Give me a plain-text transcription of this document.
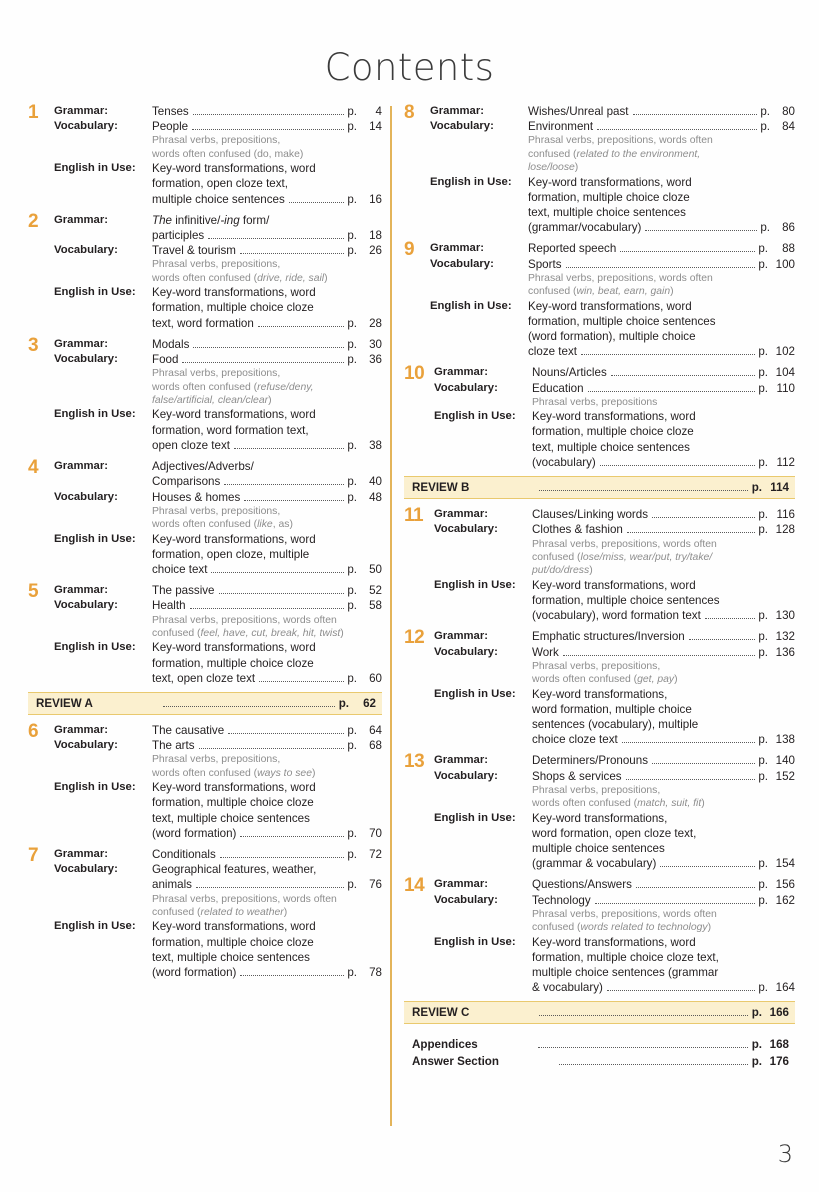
Contents
1	Grammar:	Tenses	p.	4
Vocabulary:	People	p.	14
Phrasal verbs, prepositions,
words often confused (do, make)
English in Use:	Key-word transformations, word
formation, open cloze text,
multiple choice sentences	p.	16
2	Grammar:	The infinitive/-ing form/
participles	p.	18
Vocabulary:	Travel & tourism	p.	26
Phrasal verbs, prepositions,
words often confused (drive, ride, sail)
English in Use:	Key-word transformations, word
formation, multiple choice cloze
text, word formation	p.	28
3	Grammar:	Modals	p.	30
Vocabulary:	Food	p.	36
Phrasal verbs, prepositions,
words often confused (refuse/deny,
false/artificial, clean/clear)
English in Use:	Key-word transformations, word
formation, word formation text,
open cloze text	p.	38
4	Grammar:	Adjectives/Adverbs/
Comparisons	p.	40
Vocabulary:	Houses & homes	p.	48
Phrasal verbs, prepositions,
words often confused (like, as)
English in Use:	Key-word transformations, word
formation, open cloze, multiple
choice text	p.	50
5	Grammar:	The passive	p.	52
Vocabulary:	Health	p.	58
Phrasal verbs, prepositions, words often
confused (feel, have, cut, break, hit, twist)
English in Use:	Key-word transformations, word
formation, multiple choice cloze
text, open cloze text	p.	60
REVIEW A	p.	62
6	Grammar:	The causative	p.	64
Vocabulary:	The arts	p.	68
Phrasal verbs, prepositions,
words often confused (ways to see)
English in Use:	Key-word transformations, word
formation, multiple choice cloze
text, multiple choice sentences
(word formation)	p.	70
7	Grammar:	Conditionals	p.	72
Vocabulary:	Geographical features, weather,
animals	p.	76
Phrasal verbs, prepositions, words often
confused (related to weather)
English in Use:	Key-word transformations, word
formation, multiple choice cloze
text, multiple choice sentences
(word formation)	p.	78
8	Grammar:	Wishes/Unreal past	p.	80
Vocabulary:	Environment	p.	84
Phrasal verbs, prepositions, words often
confused (related to the environment,
lose/loose)
English in Use:	Key-word transformations, word
formation, multiple choice cloze
text, multiple choice sentences
(grammar/vocabulary)	p.	86
9	Grammar:	Reported speech	p.	88
Vocabulary:	Sports	p. 100
Phrasal verbs, prepositions, words often
confused (win, beat, earn, gain)
English in Use:	Key-word transformations, word
formation, multiple choice sentences
(word formation), multiple choice
cloze text	p. 102
10 Grammar:	Nouns/Articles	p. 104
Vocabulary:	Education	p. 110
Phrasal verbs, prepositions
English in Use:	Key-word transformations, word
formation, multiple choice cloze
text, multiple choice sentences
(vocabulary)	p. 112
REVIEW B	p. 114
11 Grammar:	Clauses/Linking words	p. 116
Vocabulary:	Clothes & fashion	p. 128
Phrasal verbs, prepositions, words often
confused (lose/miss, wear/put, try/take/
put/do/dress)
English in Use:	Key-word transformations, word
formation, multiple choice sentences
(vocabulary), word formation text	p. 130
12 Grammar:	Emphatic structures/Inversion	p. 132
Vocabulary:	Work	p. 136
Phrasal verbs, prepositions,
words often confused (get, pay)
English in Use:	Key-word transformations,
word formation, multiple choice
sentences (vocabulary), multiple
choice cloze text	p. 138
13 Grammar:	Determiners/Pronouns	p. 140
Vocabulary:	Shops & services	p. 152
Phrasal verbs, prepositions,
words often confused (match, suit, fit)
English in Use:	Key-word transformations,
word formation, open cloze text,
multiple choice sentences
(grammar & vocabulary)	p. 154
14 Grammar:	Questions/Answers	p. 156
Vocabulary:	Technology	p. 162
Phrasal verbs, prepositions, words often
confused (words related to technology)
English in Use:	Key-word transformations, word
formation, multiple choice cloze text,
multiple choice sentences (grammar
& vocabulary)	p. 164
REVIEW C	p. 166
Appendices	p. 168
Answer Section	p. 176
3
